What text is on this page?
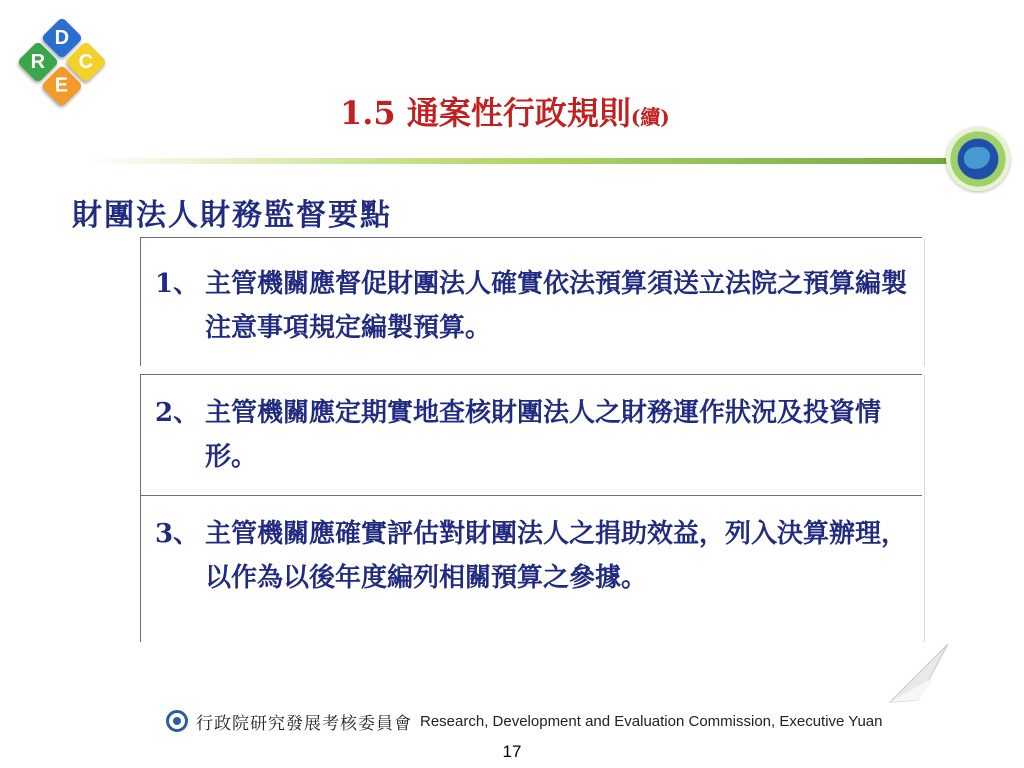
R
D
E
C
1.5 通案性行政規則(續)
財團法人財務監督要點
1、 主管機關應督促財團法人確實依法預算須送立法院之預算編製注意事項規定編製預算。
2、 主管機關應定期實地查核財團法人之財務運作狀況及投資情形。
3、 主管機關應確實評估對財團法人之捐助效益，列入決算辦理，以作為以後年度編列相關預算之參據。
行政院研究發展考核委員會 Research, Development and Evaluation Commission, Executive Yuan
17
